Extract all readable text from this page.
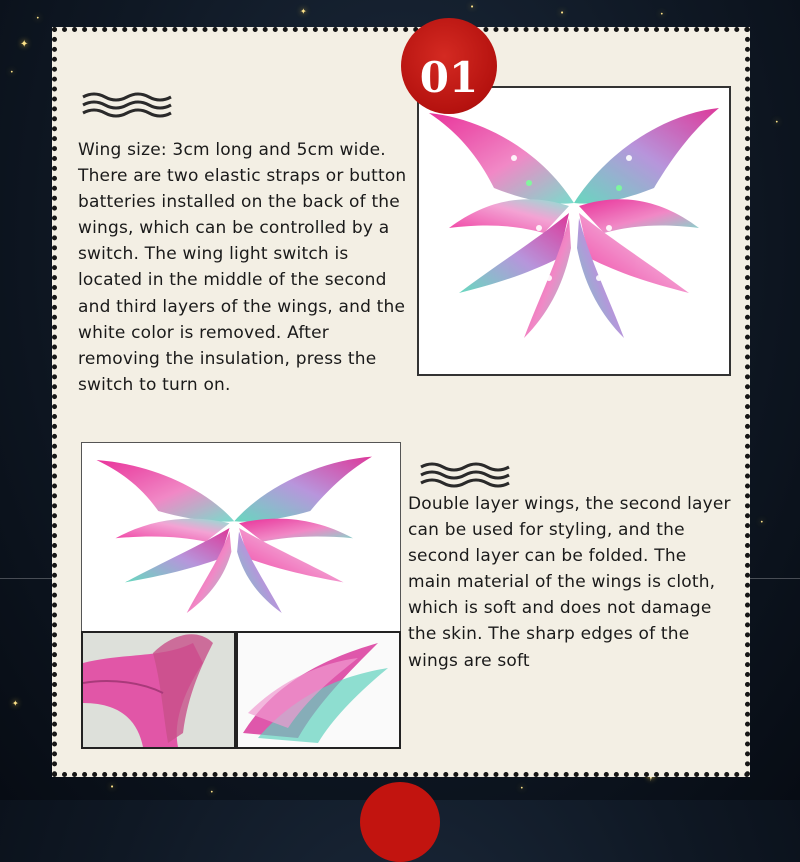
✦
•
•
✦	•
•	•
•
✦
•
•
•
•

Wing size: 3cm long and 5cm wide. There are two elastic straps or button batteries installed on the back of the wings, which can be controlled by a switch. The wing light switch is located in the middle of the second and third layers of the wings, and the white color is removed. After removing the insulation, press the switch to turn on.

Double layer wings, the second layer can be used for styling, and the second layer can be folded. The main material of the wings is cloth, which is soft and does not damage the skin. The sharp edges of the wings are soft

01
